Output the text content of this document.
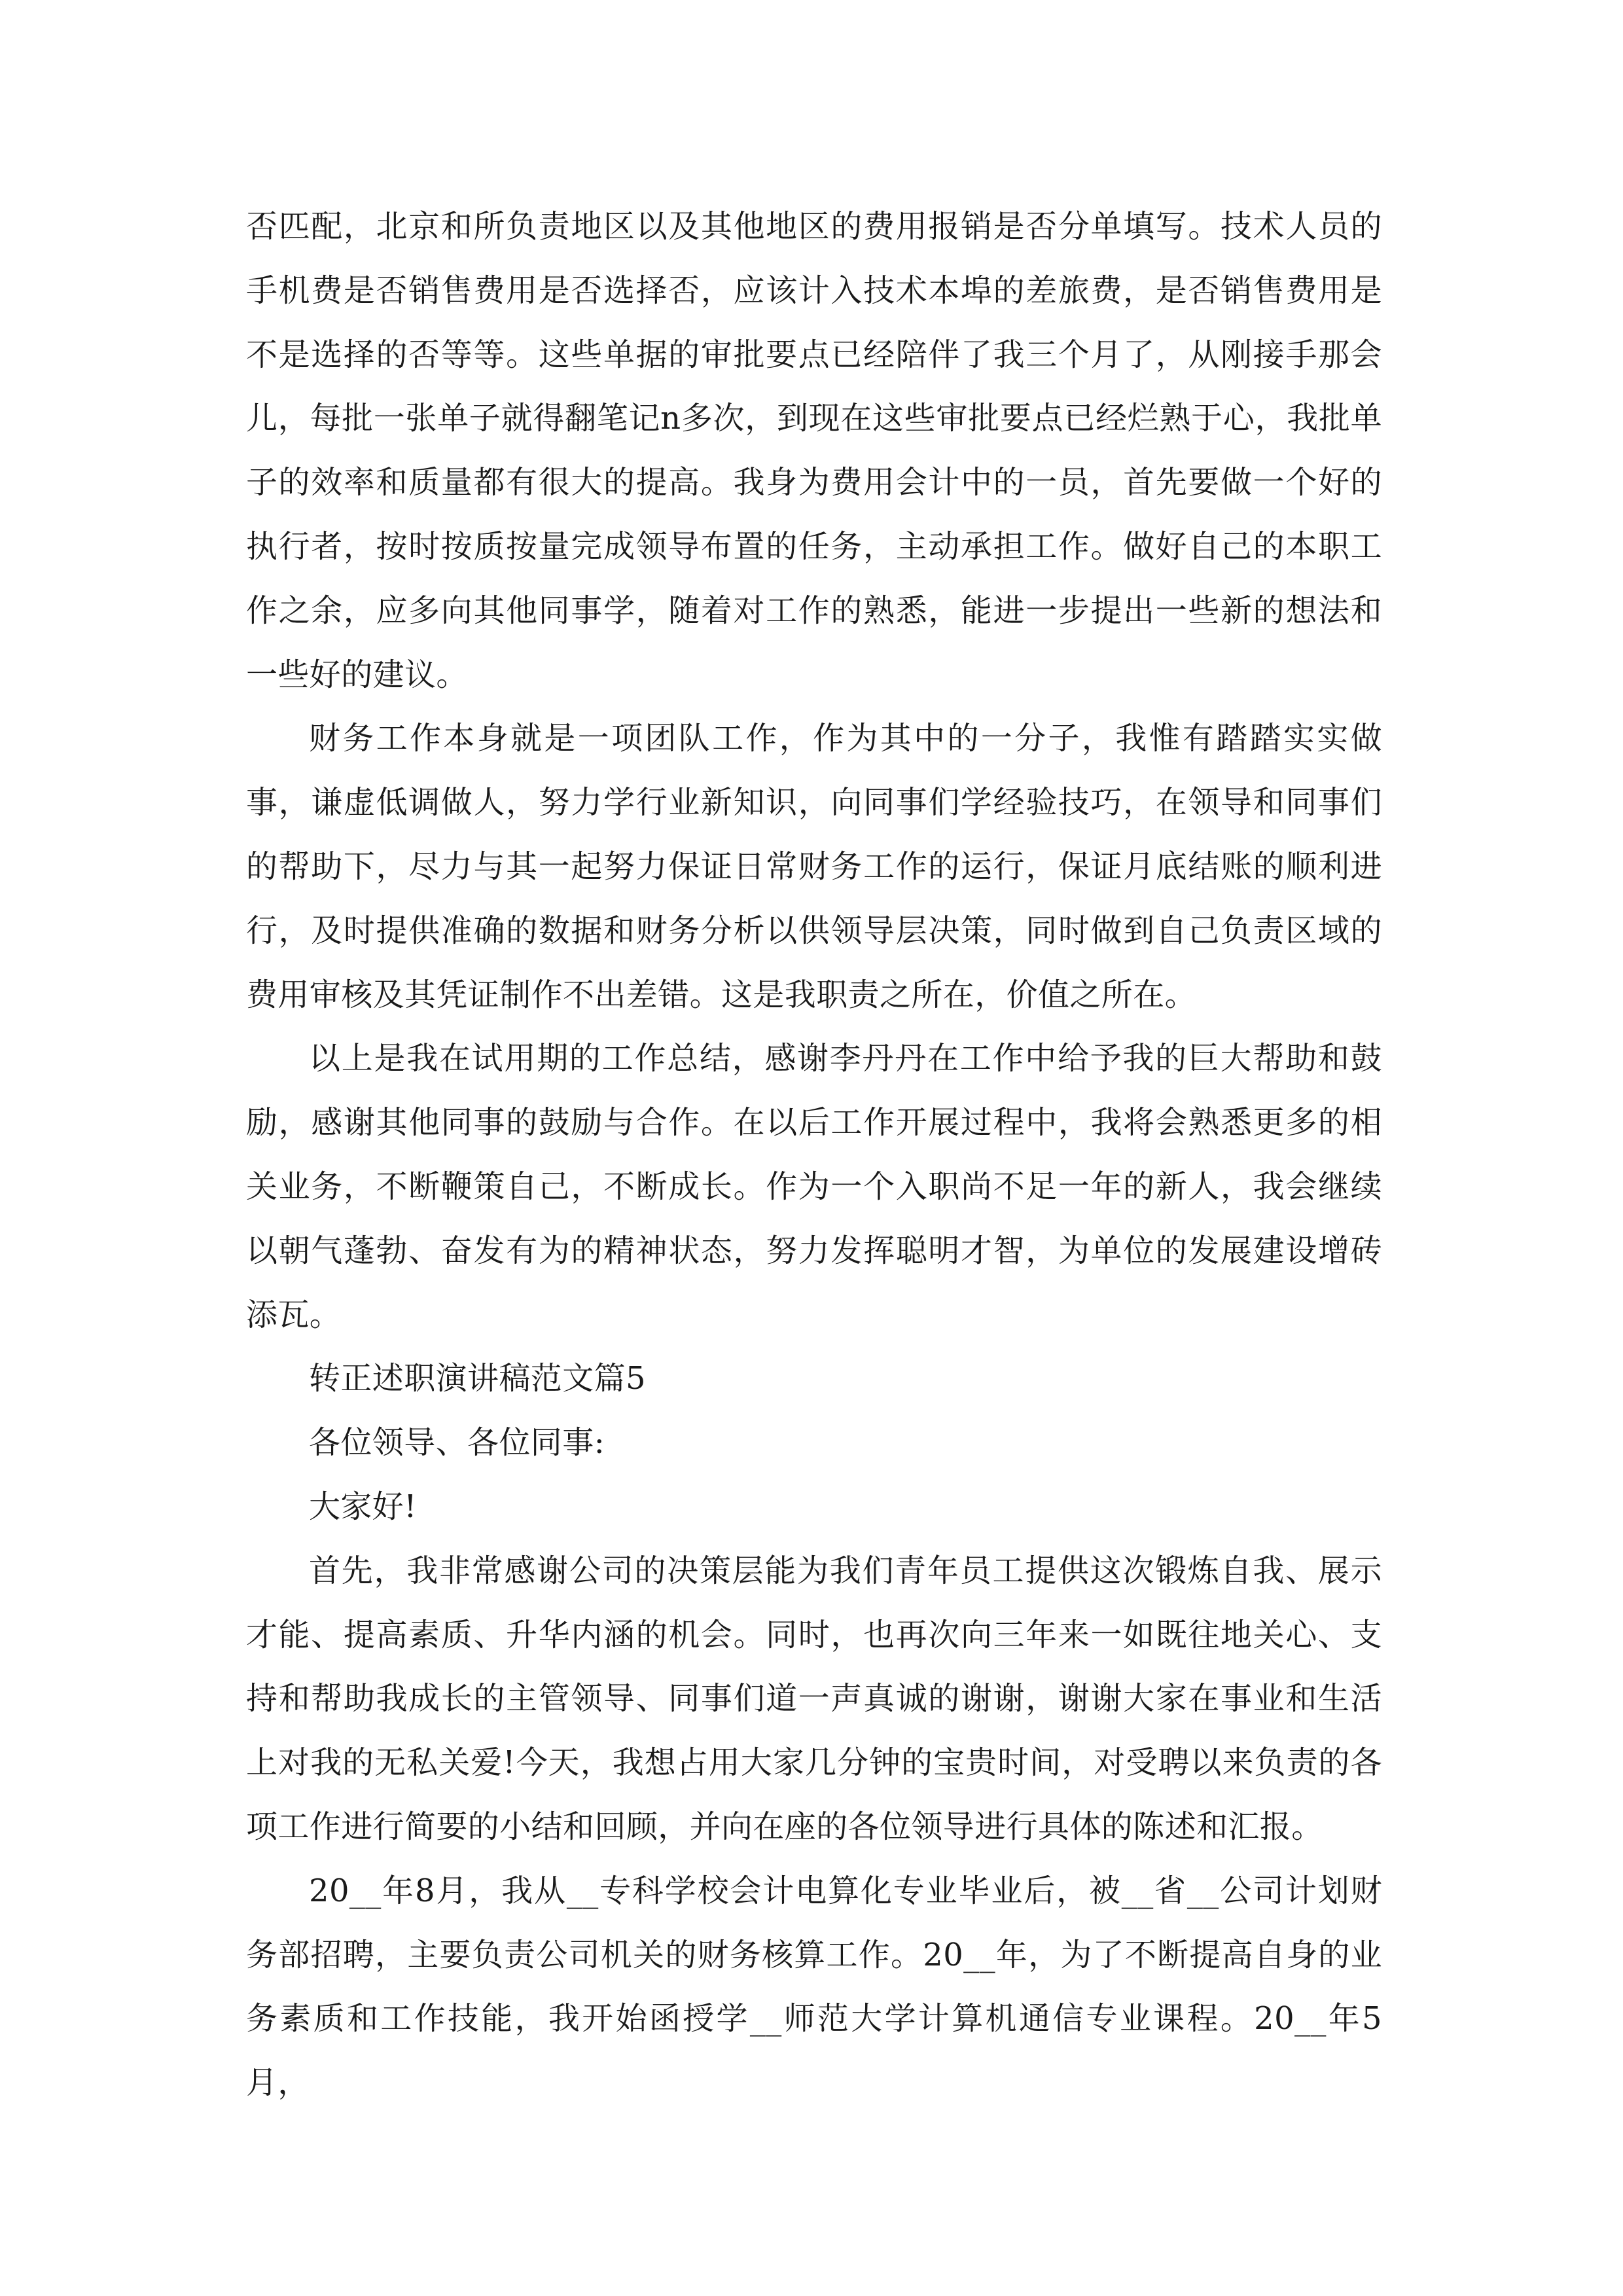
否匹配，北京和所负责地区以及其他地区的费用报销是否分单填写。技术人员的手机费是否销售费用是否选择否，应该计入技术本埠的差旅费，是否销售费用是不是选择的否等等。这些单据的审批要点已经陪伴了我三个月了，从刚接手那会儿，每批一张单子就得翻笔记n多次，到现在这些审批要点已经烂熟于心，我批单子的效率和质量都有很大的提高。我身为费用会计中的一员，首先要做一个好的执行者，按时按质按量完成领导布置的任务，主动承担工作。做好自己的本职工作之余，应多向其他同事学，随着对工作的熟悉，能进一步提出一些新的想法和一些好的建议。

财务工作本身就是一项团队工作，作为其中的一分子，我惟有踏踏实实做事，谦虚低调做人，努力学行业新知识，向同事们学经验技巧，在领导和同事们的帮助下，尽力与其一起努力保证日常财务工作的运行，保证月底结账的顺利进行，及时提供准确的数据和财务分析以供领导层决策，同时做到自己负责区域的费用审核及其凭证制作不出差错。这是我职责之所在，价值之所在。

以上是我在试用期的工作总结，感谢李丹丹在工作中给予我的巨大帮助和鼓励，感谢其他同事的鼓励与合作。在以后工作开展过程中，我将会熟悉更多的相关业务，不断鞭策自己，不断成长。作为一个入职尚不足一年的新人，我会继续以朝气蓬勃、奋发有为的精神状态，努力发挥聪明才智，为单位的发展建设增砖添瓦。

转正述职演讲稿范文篇5

各位领导、各位同事:

大家好!

首先，我非常感谢公司的决策层能为我们青年员工提供这次锻炼自我、展示才能、提高素质、升华内涵的机会。同时，也再次向三年来一如既往地关心、支持和帮助我成长的主管领导、同事们道一声真诚的谢谢，谢谢大家在事业和生活上对我的无私关爱!今天，我想占用大家几分钟的宝贵时间，对受聘以来负责的各项工作进行简要的小结和回顾，并向在座的各位领导进行具体的陈述和汇报。

20__年8月，我从__专科学校会计电算化专业毕业后，被__省__公司计划财务部招聘，主要负责公司机关的财务核算工作。20__年，为了不断提高自身的业务素质和工作技能，我开始函授学__师范大学计算机通信专业课程。20__年5月，
